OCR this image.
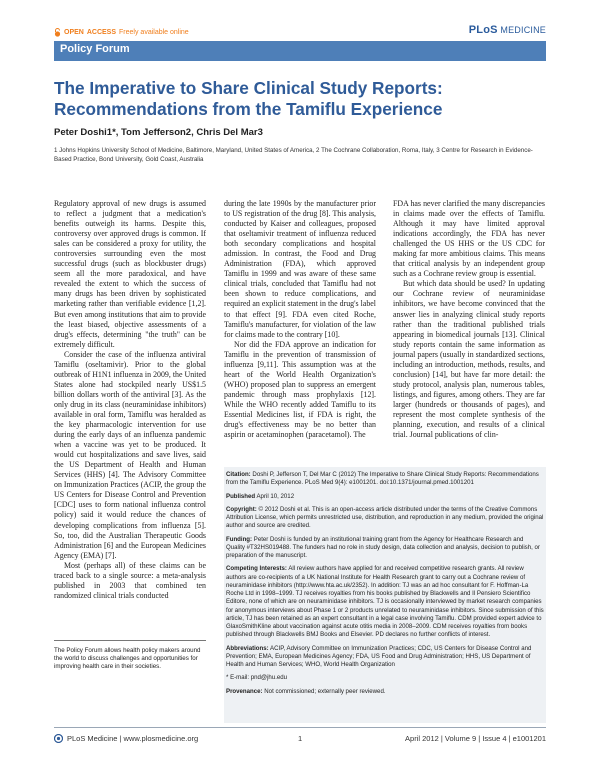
OPEN ACCESS Freely available online	PLoS MEDICINE
Policy Forum
The Imperative to Share Clinical Study Reports: Recommendations from the Tamiflu Experience
Peter Doshi1*, Tom Jefferson2, Chris Del Mar3
1 Johns Hopkins University School of Medicine, Baltimore, Maryland, United States of America, 2 The Cochrane Collaboration, Roma, Italy, 3 Centre for Research in Evidence-Based Practice, Bond University, Gold Coast, Australia

Regulatory approval of new drugs is assumed to reflect a judgment that a medication's benefits outweigh its harms. Despite this, controversy over approved drugs is common. If sales can be considered a proxy for utility, the controversies surrounding even the most successful drugs (such as blockbuster drugs) seem all the more paradoxical, and have revealed the extent to which the success of many drugs has been driven by sophisticated marketing rather than verifiable evidence [1,2]. But even among institutions that aim to provide the least biased, objective assessments of a drug's effects, determining "the truth" can be extremely difficult.

Consider the case of the influenza antiviral Tamiflu (oseltamivir). Prior to the global outbreak of H1N1 influenza in 2009, the United States alone had stockpiled nearly US$1.5 billion dollars worth of the antiviral [3]. As the only drug in its class (neuraminidase inhibitors) available in oral form, Tamiflu was heralded as the key pharmacologic intervention for use during the early days of an influenza pandemic when a vaccine was yet to be produced. It would cut hospitalizations and save lives, said the US Department of Health and Human Services (HHS) [4]. The Advisory Committee on Immunization Practices (ACIP, the group the US Centers for Disease Control and Prevention [CDC] uses to form national influenza control policy) said it would reduce the chances of developing complications from influenza [5]. So, too, did the Australian Therapeutic Goods Administration [6] and the European Medicines Agency (EMA) [7].

Most (perhaps all) of these claims can be traced back to a single source: a meta-analysis published in 2003 that combined ten randomized clinical trials conducted

during the late 1990s by the manufacturer prior to US registration of the drug [8]. This analysis, conducted by Kaiser and colleagues, proposed that oseltamivir treatment of influenza reduced both secondary complications and hospital admission. In contrast, the Food and Drug Administration (FDA), which approved Tamiflu in 1999 and was aware of these same clinical trials, concluded that Tamiflu had not been shown to reduce complications, and required an explicit statement in the drug's label to that effect [9]. FDA even cited Roche, Tamiflu's manufacturer, for violation of the law for claims made to the contrary [10].

Nor did the FDA approve an indication for Tamiflu in the prevention of transmission of influenza [9,11]. This assumption was at the heart of the World Health Organization's (WHO) proposed plan to suppress an emergent pandemic through mass prophylaxis [12]. While the WHO recently added Tamiflu to its Essential Medicines list, if FDA is right, the drug's effectiveness may be no better than aspirin or acetaminophen (paracetamol). The

FDA has never clarified the many discrepancies in claims made over the effects of Tamiflu. Although it may have limited approval indications accordingly, the FDA has never challenged the US HHS or the US CDC for making far more ambitious claims. This means that critical analysis by an independent group such as a Cochrane review group is essential.

But which data should be used? In updating our Cochrane review of neuraminidase inhibitors, we have become convinced that the answer lies in analyzing clinical study reports rather than the traditional published trials appearing in biomedical journals [13]. Clinical study reports contain the same information as journal papers (usually in standardized sections, including an introduction, methods, results, and conclusion) [14], but have far more detail: the study protocol, analysis plan, numerous tables, listings, and figures, among others. They are far larger (hundreds or thousands of pages), and represent the most complete synthesis of the planning, execution, and results of a clinical trial. Journal publications of clin-

The Policy Forum allows health policy makers around the world to discuss challenges and opportunities for improving health care in their societies.

Citation: Doshi P, Jefferson T, Del Mar C (2012) The Imperative to Share Clinical Study Reports: Recommendations from the Tamiflu Experience. PLoS Med 9(4): e1001201. doi:10.1371/journal.pmed.1001201

Published April 10, 2012

Copyright: © 2012 Doshi et al. This is an open-access article distributed under the terms of the Creative Commons Attribution License, which permits unrestricted use, distribution, and reproduction in any medium, provided the original author and source are credited.

Funding: Peter Doshi is funded by an institutional training grant from the Agency for Healthcare Research and Quality #T32HS019488. The funders had no role in study design, data collection and analysis, decision to publish, or preparation of the manuscript.

Competing Interests: All review authors have applied for and received competitive research grants. All review authors are co-recipients of a UK National Institute for Health Research grant to carry out a Cochrane review of neuraminidase inhibitors (http://www.hta.ac.uk/2352). In addition: TJ was an ad hoc consultant for F. Hoffman-La Roche Ltd in 1998–1999. TJ receives royalties from his books published by Blackwells and Il Pensiero Scientifico Editore, none of which are on neuraminidase inhibitors. TJ is occasionally interviewed by market research companies for anonymous interviews about Phase 1 or 2 products unrelated to neuraminidase inhibitors. Since submission of this article, TJ has been retained as an expert consultant in a legal case involving Tamiflu. CDM provided expert advice to GlaxoSmithKline about vaccination against acute otitis media in 2008–2009. CDM receives royalties from books published through Blackwells BMJ Books and Elsevier. PD declares no further conflicts of interest.

Abbreviations: ACIP, Advisory Committee on Immunization Practices; CDC, US Centers for Disease Control and Prevention; EMA, European Medicines Agency; FDA, US Food and Drug Administration; HHS, US Department of Health and Human Services; WHO, World Health Organization

* E-mail: pnd@jhu.edu

Provenance: Not commissioned; externally peer reviewed.

PLoS Medicine | www.plosmedicine.org	1	April 2012 | Volume 9 | Issue 4 | e1001201
